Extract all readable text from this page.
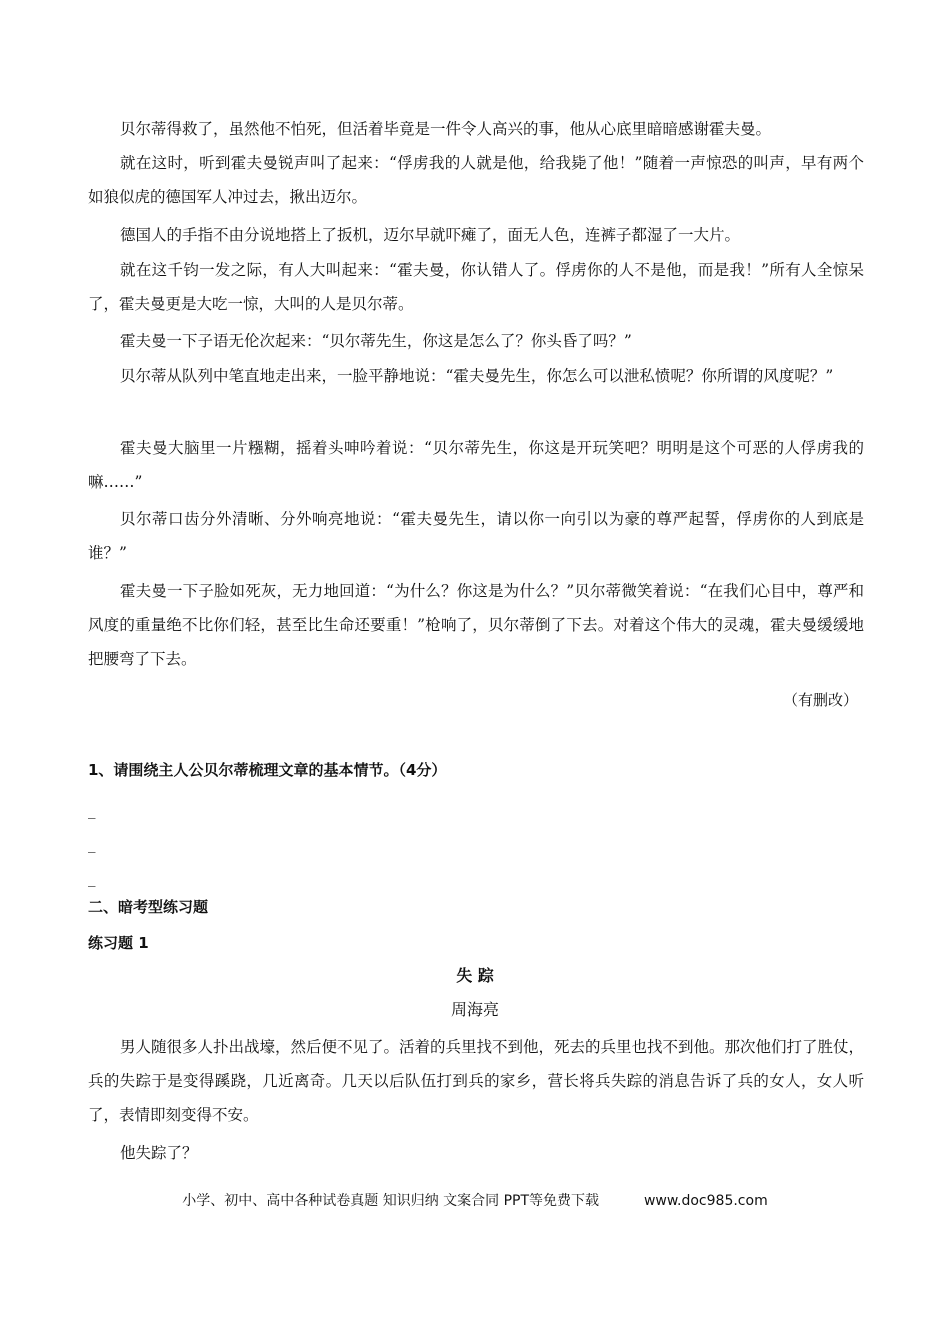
贝尔蒂得救了，虽然他不怕死，但活着毕竟是一件令人高兴的事，他从心底里暗暗感谢霍夫曼。

就在这时，听到霍夫曼锐声叫了起来：“俘虏我的人就是他，给我毙了他！”随着一声惊恐的叫声，早有两个如狼似虎的德国军人冲过去，揪出迈尔。

德国人的手指不由分说地搭上了扳机，迈尔早就吓瘫了，面无人色，连裤子都湿了一大片。

就在这千钧一发之际，有人大叫起来：“霍夫曼，你认错人了。俘虏你的人不是他，而是我！”所有人全惊呆了，霍夫曼更是大吃一惊，大叫的人是贝尔蒂。

霍夫曼一下子语无伦次起来：“贝尔蒂先生，你这是怎么了？你头昏了吗？”

贝尔蒂从队列中笔直地走出来，一脸平静地说：“霍夫曼先生，你怎么可以泄私愤呢？你所谓的风度呢？”

霍夫曼大脑里一片糨糊，摇着头呻吟着说：“贝尔蒂先生，你这是开玩笑吧？明明是这个可恶的人俘虏我的嘛……”

贝尔蒂口齿分外清晰、分外响亮地说：“霍夫曼先生，请以你一向引以为豪的尊严起誓，俘虏你的人到底是谁？”

霍夫曼一下子脸如死灰，无力地回道：“为什么？你这是为什么？”贝尔蒂微笑着说：“在我们心目中，尊严和风度的重量绝不比你们轻，甚至比生命还要重！”枪响了，贝尔蒂倒了下去。对着这个伟大的灵魂，霍夫曼缓缓地把腰弯了下去。

（有删改）

1、请围绕主人公贝尔蒂梳理文章的基本情节。（4分）

_

_

_

二、暗考型练习题

练习题 1

失 踪

周海亮

男人随很多人扑出战壕，然后便不见了。活着的兵里找不到他，死去的兵里也找不到他。那次他们打了胜仗，兵的失踪于是变得蹊跷，几近离奇。几天以后队伍打到兵的家乡，营长将兵失踪的消息告诉了兵的女人，女人听了，表情即刻变得不安。

他失踪了？

小学、初中、高中各种试卷真题 知识归纳 文案合同 PPT等免费下载	www.doc985.com
